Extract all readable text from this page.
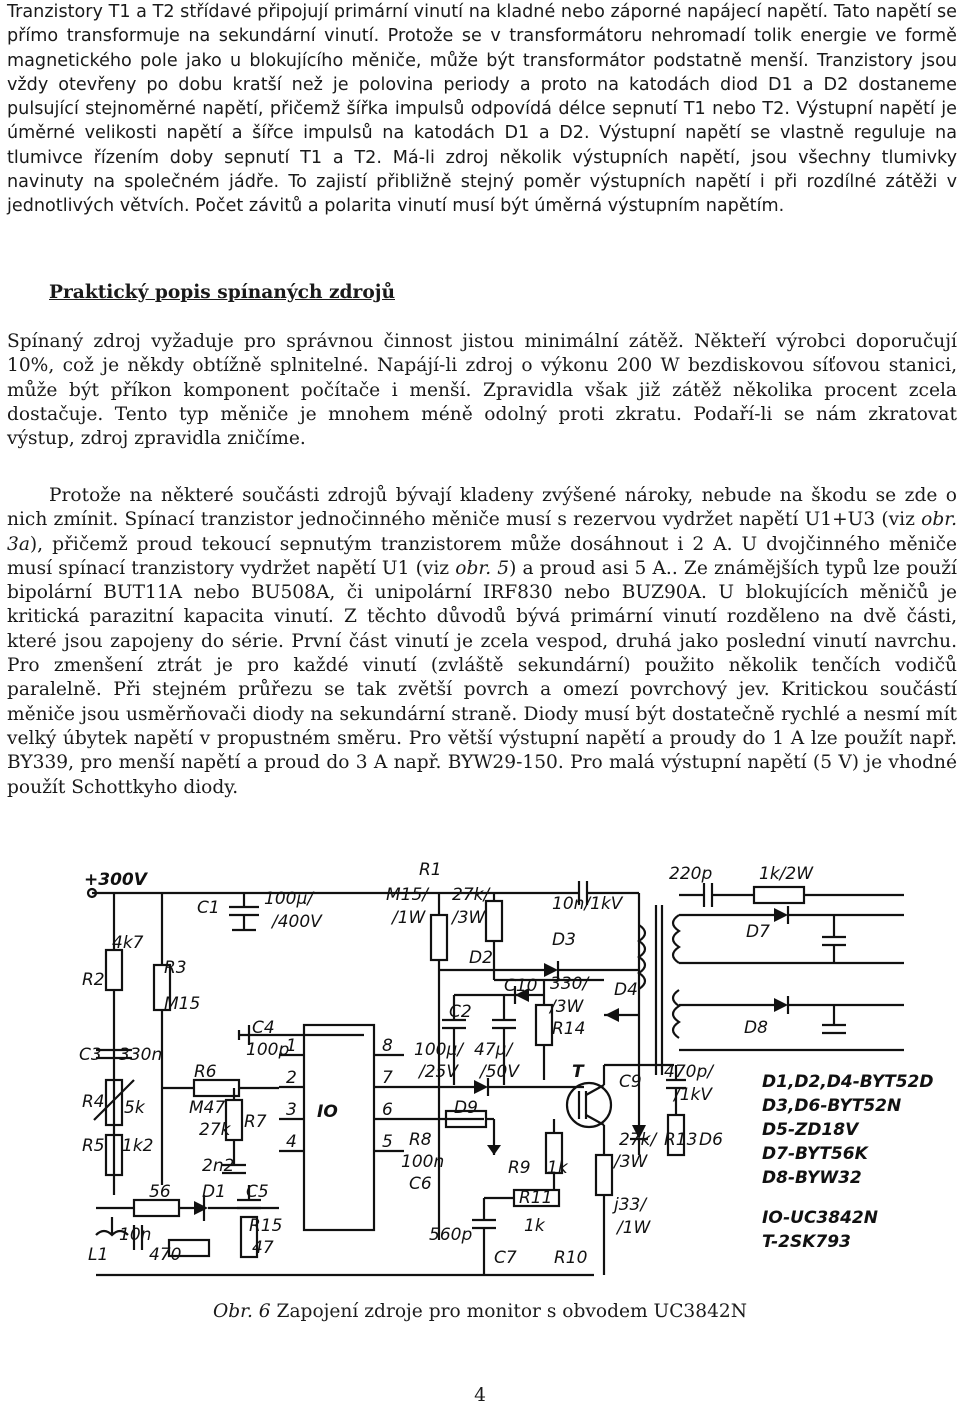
Tranzistory T1 a T2 střídavé připojují primární vinutí na kladné nebo záporné napájecí napětí. Tato napětí se přímo transformuje na sekundární vinutí. Protože se v transformátoru nehromadí tolik energie ve formě magnetického pole jako u blokujícího měniče, může být transformátor podstatně menší. Tranzistory jsou vždy otevřeny po dobu kratší než je polovina periody a proto na katodách diod D1 a D2 dostaneme pulsující stejnoměrné napětí, přičemž šířka impulsů odpovídá délce sepnutí T1 nebo T2. Výstupní napětí je úměrné velikosti napětí a šířce impulsů na katodách D1 a D2. Výstupní napětí se vlastně reguluje na tlumivce řízením doby sepnutí T1 a T2. Má-li zdroj několik výstupních napětí, jsou všechny tlumivky navinuty na společném jádře. To zajistí přibližně stejný poměr výstupních napětí i při rozdílné zátěži v jednotlivých větvích. Počet závitů a polarita vinutí musí být úměrná výstupním napětím.

Praktický popis spínaných zdrojů

Spínaný zdroj vyžaduje pro správnou činnost jistou minimální zátěž. Někteří výrobci doporučují 10%, což je někdy obtížně splnitelné. Napájí-li zdroj o výkonu 200 W bezdiskovou síťovou stanici, může být příkon komponent počítače i menší. Zpravidla však již zátěž několika procent zcela dostačuje. Tento typ měniče je mnohem méně odolný proti zkratu. Podaří-li se nám zkratovat výstup, zdroj zpravidla zničíme.

Protože na některé součásti zdrojů bývají kladeny zvýšené nároky, nebude na škodu se zde o nich zmínit. Spínací tranzistor jednočinného měniče musí s rezervou vydržet napětí U1+U3 (viz obr. 3a), přičemž proud tekoucí sepnutým tranzistorem může dosáhnout i 2 A. U dvojčinného měniče musí spínací tranzistory vydržet napětí U1 (viz obr. 5) a proud asi 5 A.. Ze známějších typů lze použí bipolární BUT11A nebo BU508A, či unipolární IRF830 nebo BUZ90A. U blokujících měničů je kritická parazitní kapacita vinutí. Z těchto důvodů bývá primární vinutí rozděleno na dvě části, které jsou zapojeny do série. První část vinutí je zcela vespod, druhá jako poslední vinutí navrchu. Pro zmenšení ztrát je pro každé vinutí (zvláště sekundární) použito několik tenčích vodičů paralelně. Při stejném průřezu se tak zvětší povrch a omezí povrchový jev. Kritickou součástí měniče jsou usměrňovači diody na sekundární straně. Diody musí být dostatečně rychlé a nesmí mít velký úbytek napětí v propustném směru. Pro větší výstupní napětí a proudy do 1 A lze použít např. BY339, pro menší napětí a proud do 3 A např. BYW29-150. Pro malá výstupní napětí (5 V) je vhodné použít Schottkyho diody.

+300V
C1	100µ/
/400V
R1
M15/
/1W
27k/
/3W
10n/1kV
220p	1k/2W
D7
D8
4k7
R2
R3
M15
D3
D2
C10 330/
/3W
R14
D4
C2
100µ/
/25V
47µ/
/50V
C4
100p
C3 330n
R6
M47	IO
T C9 470p/
/1kV
R4 5k
R7
27k
D9
R8
100n
C6
27k/
/3W
R13 D6
R5 1k2
2n2	R9 1k
56 D1 C5	R11
10n	R15
47
1k
j33/
/1W
L1 470
560p
C7 R10
1
2
3
4	5
6
7
8
D1,D2,D4-BYT52D
D3,D6-BYT52N
D5-ZD18V
D7-BYT56K
D8-BYW32
IO-UC3842N
T-2SK793
Obr. 6 Zapojení zdroje pro monitor s obvodem UC3842N
4
